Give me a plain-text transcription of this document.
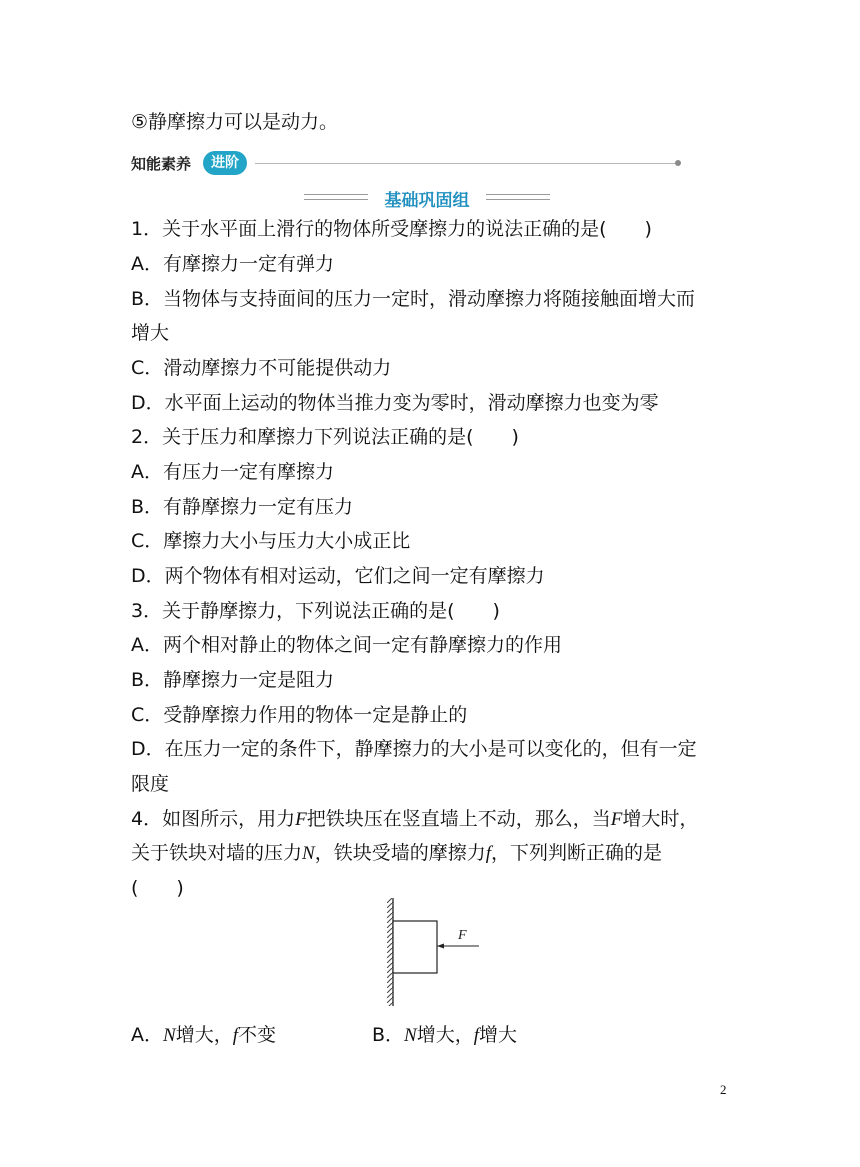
⑤静摩擦力可以是动力。
知能素养	进阶
基础巩固组
1．关于水平面上滑行的物体所受摩擦力的说法正确的是(　　)
A．有摩擦力一定有弹力
B．当物体与支持面间的压力一定时，滑动摩擦力将随接触面增大而
增大
C．滑动摩擦力不可能提供动力
D．水平面上运动的物体当推力变为零时，滑动摩擦力也变为零
2．关于压力和摩擦力下列说法正确的是(　　)
A．有压力一定有摩擦力
B．有静摩擦力一定有压力
C．摩擦力大小与压力大小成正比
D．两个物体有相对运动，它们之间一定有摩擦力
3．关于静摩擦力，下列说法正确的是(　　)
A．两个相对静止的物体之间一定有静摩擦力的作用
B．静摩擦力一定是阻力
C．受静摩擦力作用的物体一定是静止的
D．在压力一定的条件下，静摩擦力的大小是可以变化的，但有一定
限度
4．如图所示，用力F把铁块压在竖直墙上不动，那么，当F增大时，
关于铁块对墙的压力N，铁块受墙的摩擦力f，下列判断正确的是
(　　)
F
A．N增大，f不变	B．N增大，f增大
2
